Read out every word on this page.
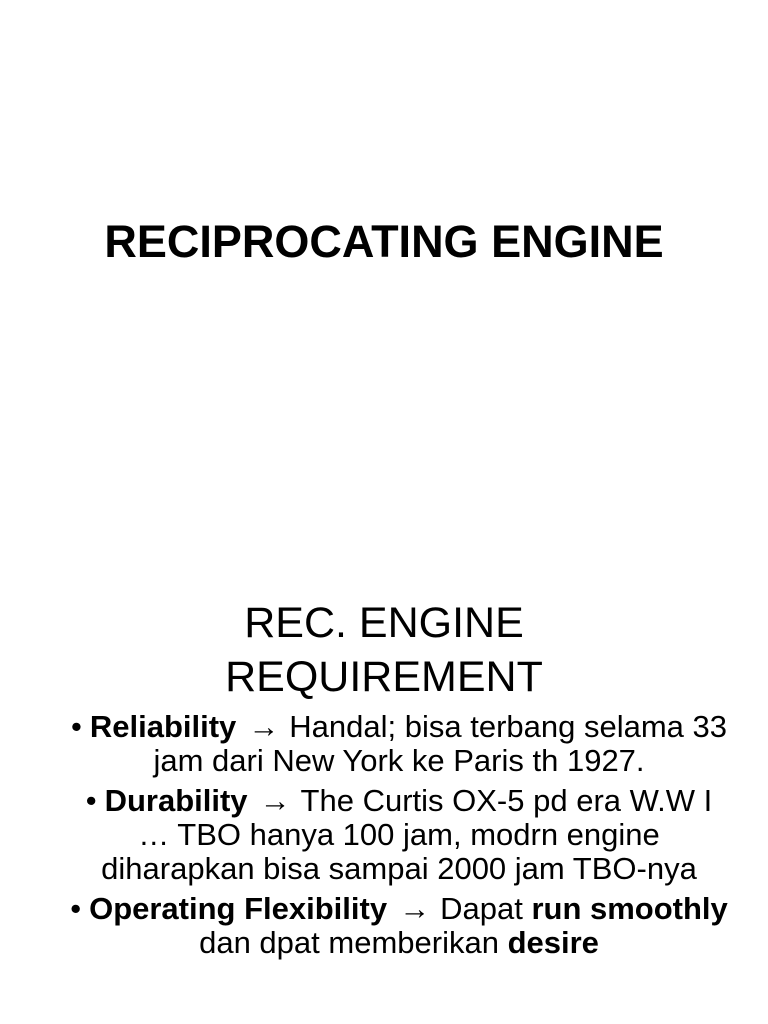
RECIPROCATING ENGINE
REC. ENGINE
REQUIREMENT
• Reliability → Handal; bisa terbang selama 33 jam dari New York ke Paris th 1927.
• Durability → The Curtis OX-5 pd era W.W I … TBO hanya 100 jam, modrn engine diharapkan bisa sampai 2000 jam TBO-nya
• Operating Flexibility → Dapat run smoothly dan dpat memberikan desire
